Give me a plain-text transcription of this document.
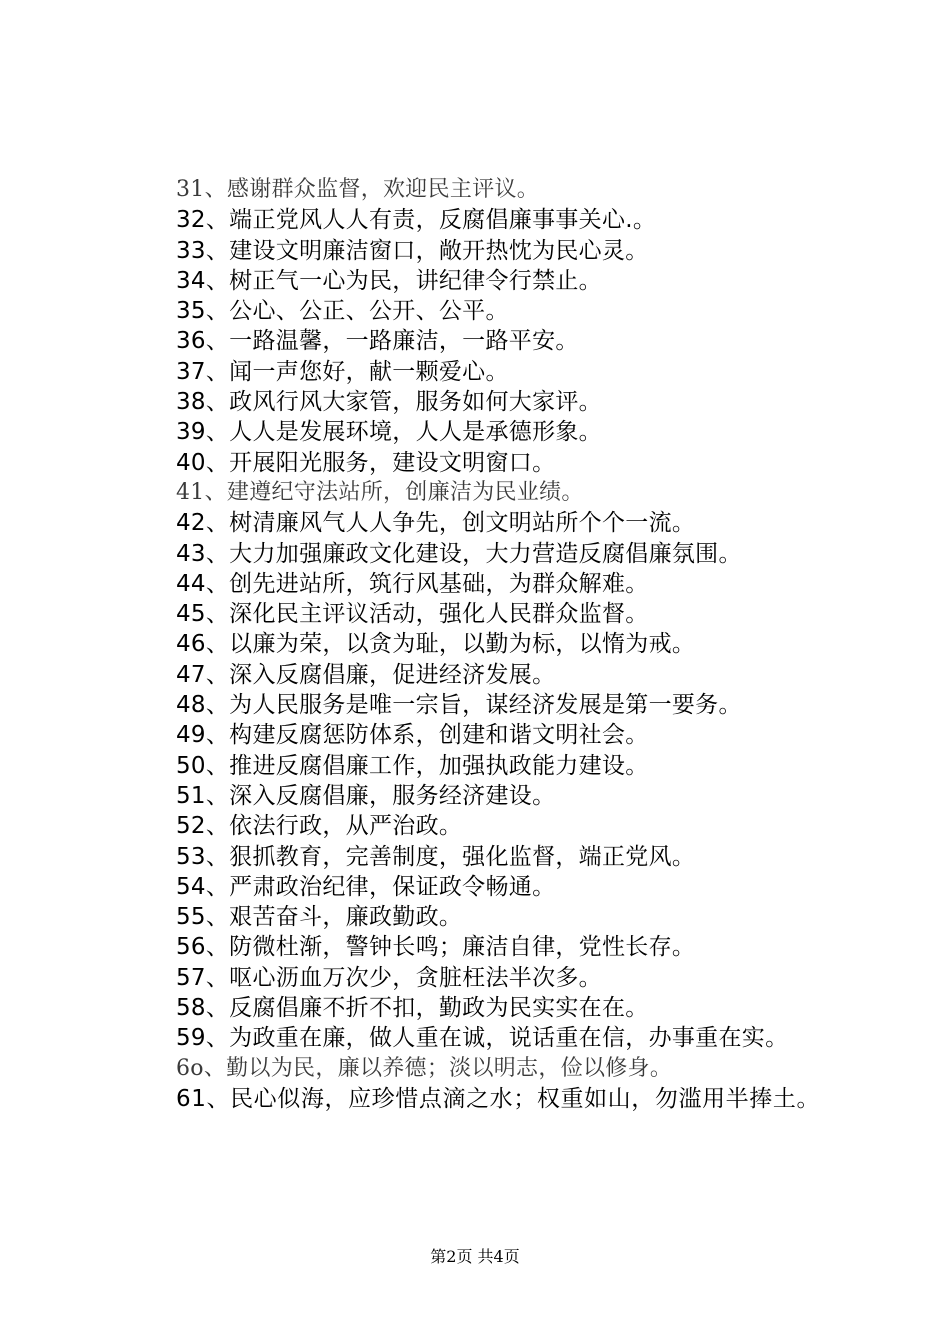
31、感谢群众监督，欢迎民主评议。
32、端正党风人人有责，反腐倡廉事事关心.。
33、建设文明廉洁窗口，敞开热忱为民心灵。
34、树正气一心为民，讲纪律令行禁止。
35、公心、公正、公开、公平。
36、一路温馨，一路廉洁，一路平安。
37、闻一声您好，献一颗爱心。
38、政风行风大家管，服务如何大家评。
39、人人是发展环境，人人是承德形象。
40、开展阳光服务，建设文明窗口。
41、建遵纪守法站所，创廉洁为民业绩。
42、树清廉风气人人争先，创文明站所个个一流。
43、大力加强廉政文化建设，大力营造反腐倡廉氛围。
44、创先进站所，筑行风基础，为群众解难。
45、深化民主评议活动，强化人民群众监督。
46、以廉为荣，以贪为耻，以勤为标，以惰为戒。
47、深入反腐倡廉，促进经济发展。
48、为人民服务是唯一宗旨，谋经济发展是第一要务。
49、构建反腐惩防体系，创建和谐文明社会。
50、推进反腐倡廉工作，加强执政能力建设。
51、深入反腐倡廉，服务经济建设。
52、依法行政，从严治政。
53、狠抓教育，完善制度，强化监督，端正党风。
54、严肃政治纪律，保证政令畅通。
55、艰苦奋斗，廉政勤政。
56、防微杜渐，警钟长鸣；廉洁自律，党性长存。
57、呕心沥血万次少，贪脏枉法半次多。
58、反腐倡廉不折不扣，勤政为民实实在在。
59、为政重在廉，做人重在诚，说话重在信，办事重在实。
6o、勤以为民，廉以养德；淡以明志，俭以修身。
61、民心似海，应珍惜点滴之水；权重如山，勿滥用半捧土。
第2页 共4页
